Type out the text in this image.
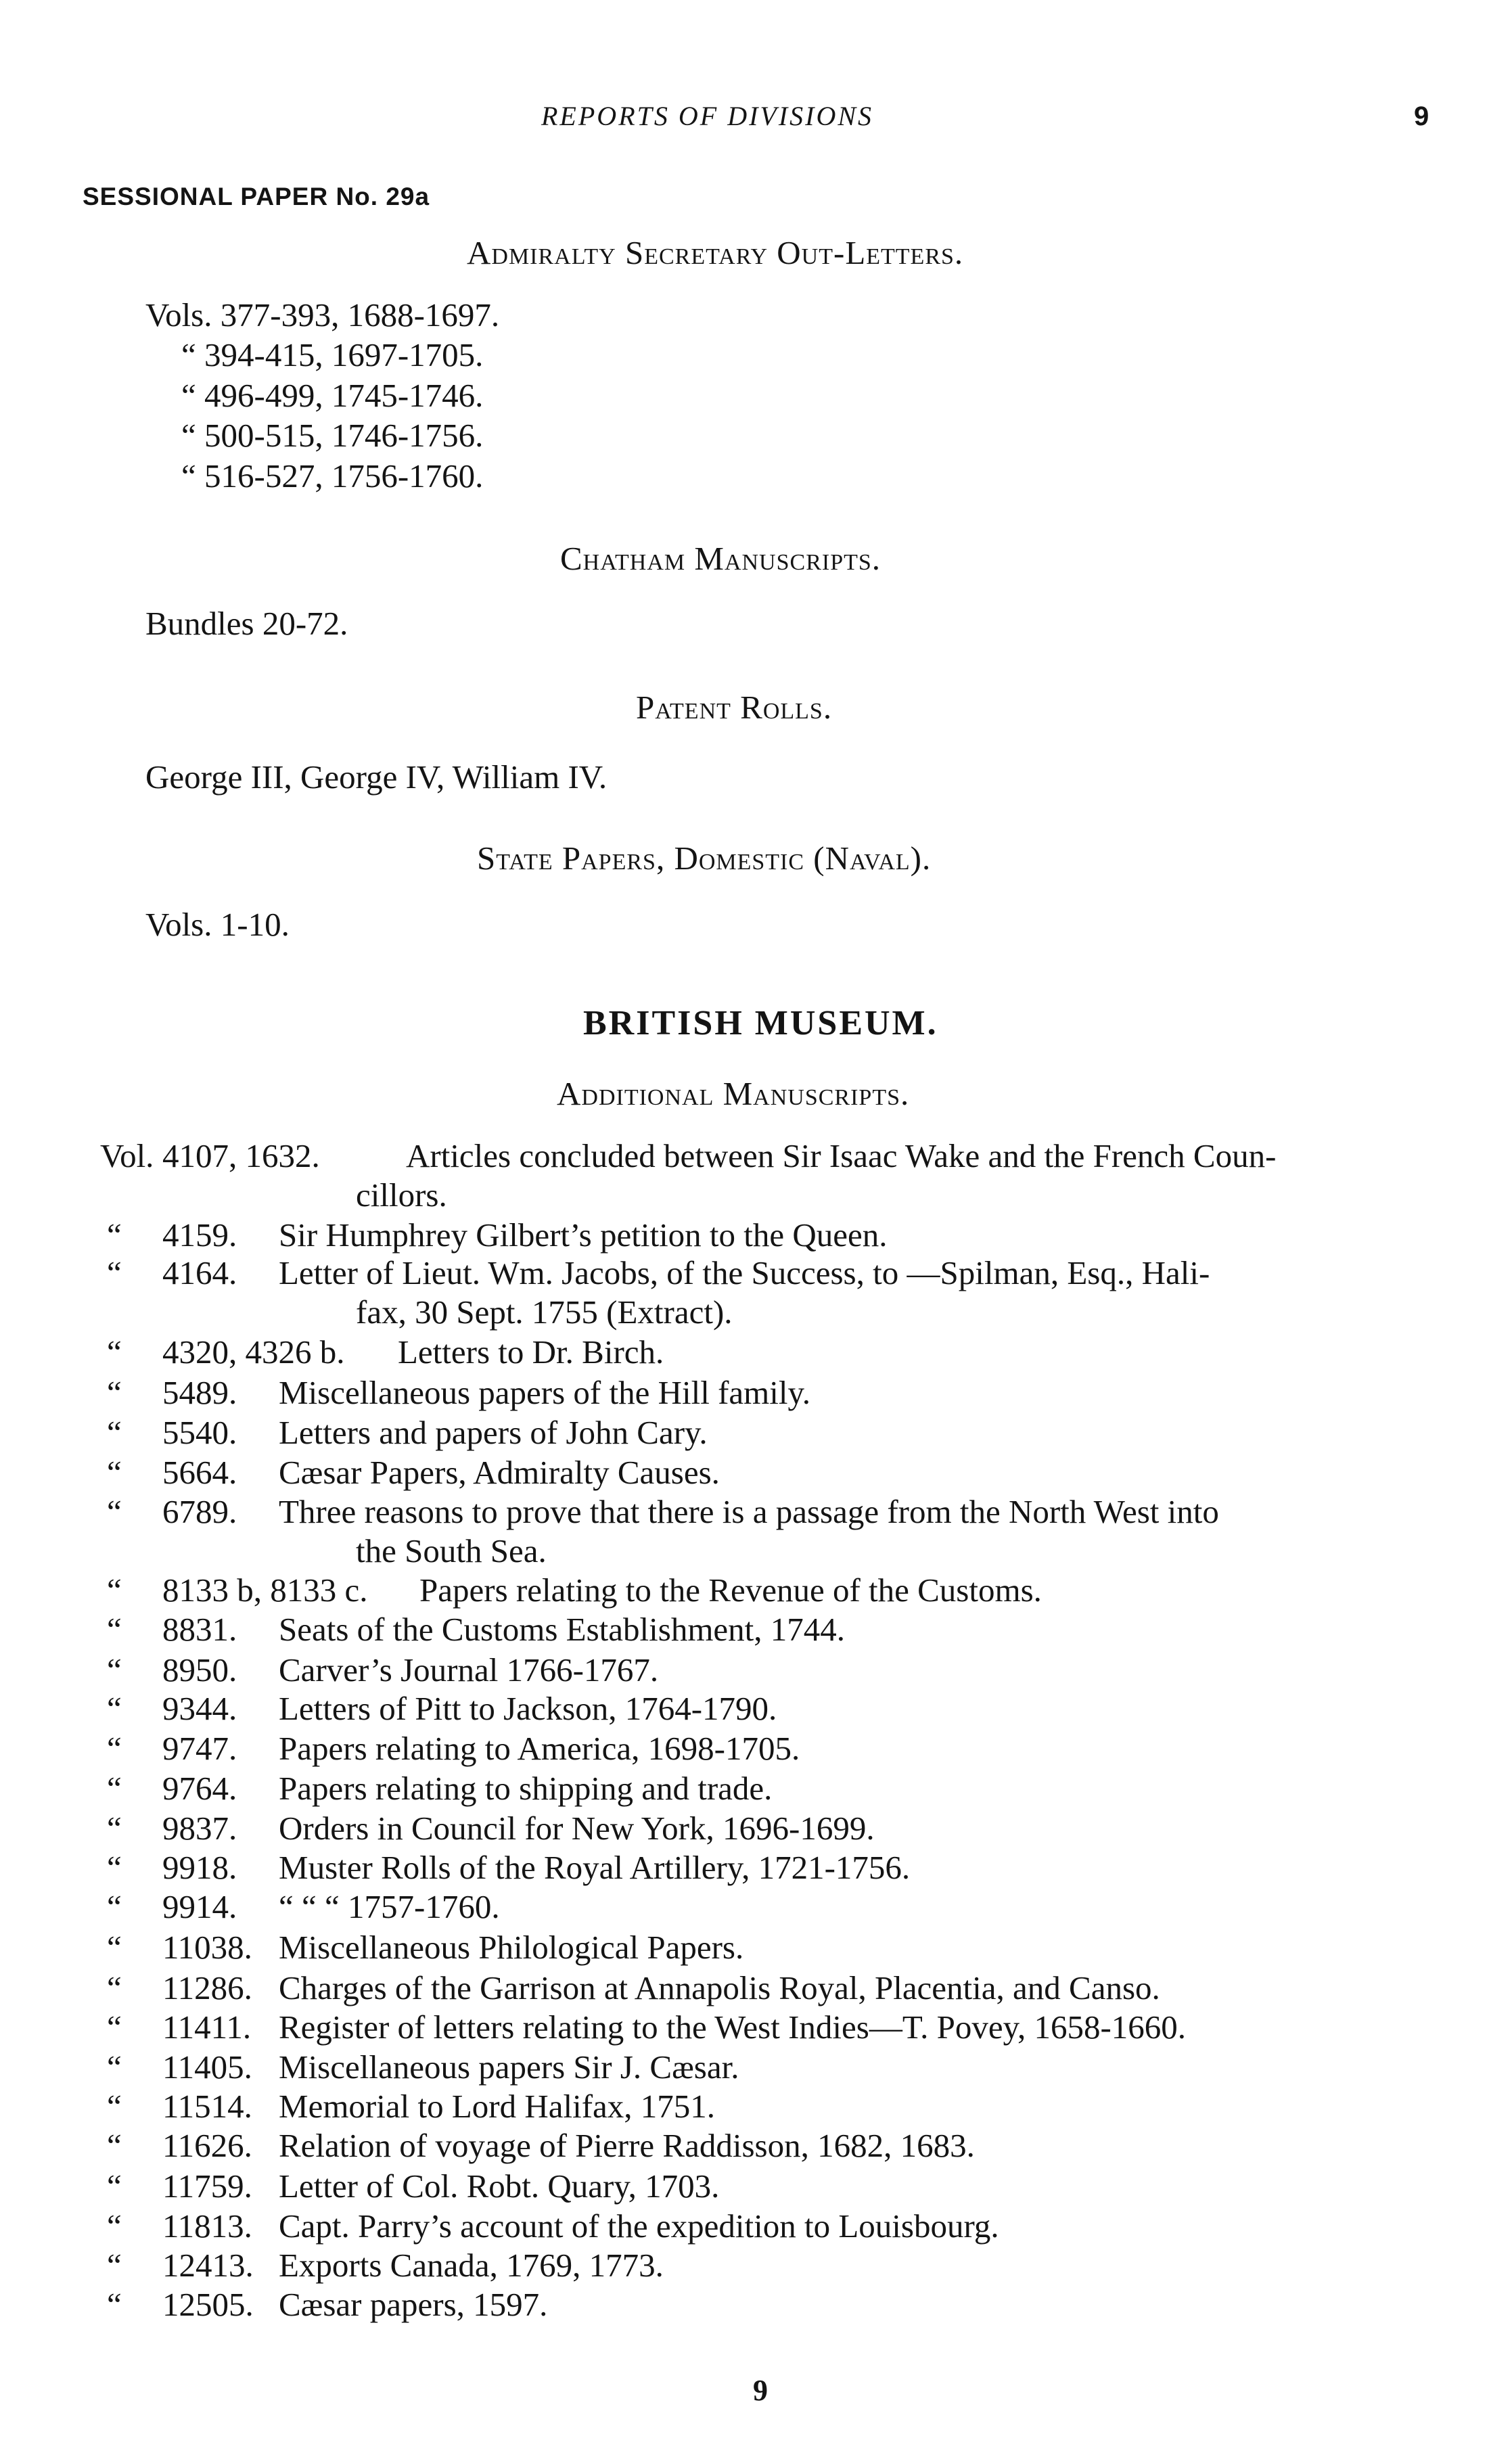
REPORTS OF DIVISIONS	9
SESSIONAL PAPER No. 29a
Admiralty Secretary Out-Letters.
Vols. 377-393, 1688-1697.
“ 394-415, 1697-1705.
“ 496-499, 1745-1746.
“ 500-515, 1746-1756.
“ 516-527, 1756-1760.
Chatham Manuscripts.
Bundles 20-72.
Patent Rolls.
George III, George IV, William IV.
State Papers, Domestic (Naval).
Vols. 1-10.
BRITISH MUSEUM.
Additional Manuscripts.
Vol. 4107, 1632.	Articles concluded between Sir Isaac Wake and the French Coun-
cillors.
“ 4159. Sir Humphrey Gilbert’s petition to the Queen.
“ 4164. Letter of Lieut. Wm. Jacobs, of the Success, to —Spilman, Esq., Hali-
fax, 30 Sept. 1755 (Extract).
“ 4320, 4326 b. Letters to Dr. Birch.
“ 5489. Miscellaneous papers of the Hill family.
“ 5540. Letters and papers of John Cary.
“ 5664. Cæsar Papers, Admiralty Causes.
“ 6789. Three reasons to prove that there is a passage from the North West into
the South Sea.
“ 8133 b, 8133 c. Papers relating to the Revenue of the Customs.
“ 8831. Seats of the Customs Establishment, 1744.
“ 8950. Carver’s Journal 1766-1767.
“ 9344. Letters of Pitt to Jackson, 1764-1790.
“ 9747. Papers relating to America, 1698-1705.
“ 9764. Papers relating to shipping and trade.
“ 9837. Orders in Council for New York, 1696-1699.
“ 9918. Muster Rolls of the Royal Artillery, 1721-1756.
“ 9914. “ “ “ 1757-1760.
“ 11038. Miscellaneous Philological Papers.
“ 11286. Charges of the Garrison at Annapolis Royal, Placentia, and Canso.
“ 11411. Register of letters relating to the West Indies—T. Povey, 1658-1660.
“ 11405. Miscellaneous papers Sir J. Cæsar.
“ 11514. Memorial to Lord Halifax, 1751.
“ 11626. Relation of voyage of Pierre Raddisson, 1682, 1683.
“ 11759. Letter of Col. Robt. Quary, 1703.
“ 11813. Capt. Parry’s account of the expedition to Louisbourg.
“ 12413. Exports Canada, 1769, 1773.
“ 12505. Cæsar papers, 1597.
9
